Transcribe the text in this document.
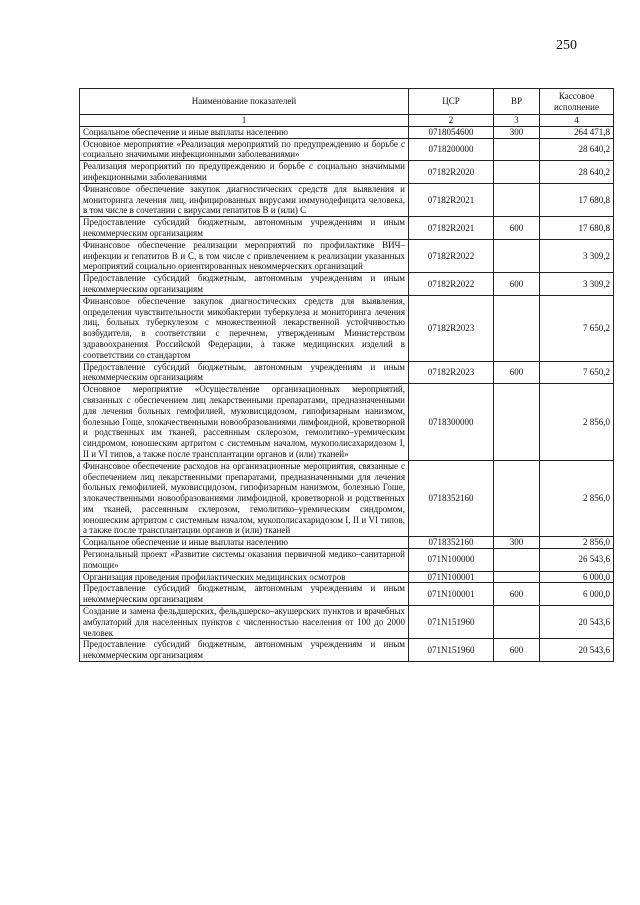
250
Наименование показателей	ЦСР	ВР	Кассовое исполнение
1	2	3	4
Социальное обеспечение и иные выплаты населению	0718054600	300	264 471,8
Основное мероприятие «Реализация мероприятий по предупреждению и борьбе с социально значимыми инфекционными заболеваниями»	0718200000		28 640,2
Реализация мероприятий по предупреждению и борьбе с социально значимыми инфекционными заболеваниями	07182R2020		28 640,2
Финансовое обеспечение закупок диагностических средств для выявления и мониторинга лечения лиц, инфицированных вирусами иммунодефицита человека, в том числе в сочетании с вирусами гепатитов В и (или) С	07182R2021		17 680,8
Предоставление субсидий бюджетным, автономным учреждениям и иным некоммерческим организациям	07182R2021	600	17 680,8
Финансовое обеспечение реализации мероприятий по профилактике ВИЧ–инфекции и гепатитов В и С, в том числе с привлечением к реализации указанных мероприятий социально ориентированных некоммерческих организаций	07182R2022		3 309,2
Предоставление субсидий бюджетным, автономным учреждениям и иным некоммерческим организациям	07182R2022	600	3 309,2
Финансовое обеспечение закупок диагностических средств для выявления, определения чувствительности микобактерии туберкулеза и мониторинга лечения лиц, больных туберкулезом с множественной лекарственной устойчивостью возбудителя, в соответствии с перечнем, утвержденным Министерством здравоохранения Российской Федерации, а также медицинских изделий в соответствии со стандартом	07182R2023		7 650,2
Предоставление субсидий бюджетным, автономным учреждениям и иным некоммерческим организациям	07182R2023	600	7 650,2
Основное мероприятие «Осуществление организационных мероприятий, связанных с обеспечением лиц лекарственными препаратами, предназначенными для лечения больных гемофилией, муковисцидозом, гипофизарным нанизмом, болезнью Гоше, злокачественными новообразованиями лимфоидной, кроветворной и родственных им тканей, рассеянным склерозом, гемолитико–уремическим синдромом, юношеским артритом с системным началом, мукополисахаридозом I, II и VI типов, а также после трансплантации органов и (или) тканей»	0718300000		2 856,0
Финансовое обеспечение расходов на организационные мероприятия, связанные с обеспечением лиц лекарственными препаратами, предназначенными для лечения больных гемофилией, муковисцидозом, гипофизарным нанизмом, болезнью Гоше, злокачественными новообразованиями лимфоидной, кроветворной и родственных им тканей, рассеянным склерозом, гемолитико–уремическим синдромом, юношеским артритом с системным началом, мукополисахаридозом I, II и VI типов, а также после трансплантации органов и (или) тканей	0718352160		2 856,0
Социальное обеспечение и иные выплаты населению	0718352160	300	2 856,0
Региональный проект «Развитие системы оказания первичной медико–санитарной помощи»	071N100000		26 543,6
Организация проведения профилактических медицинских осмотров	071N100001		6 000,0
Предоставление субсидий бюджетным, автономным учреждениям и иным некоммерческим организациям	071N100001	600	6 000,0
Создание и замена фельдшерских, фельдшерско–акушерских пунктов и врачебных амбулаторий для населенных пунктов с численностью населения от 100 до 2000 человек	071N151960		20 543,6
Предоставление субсидий бюджетным, автономным учреждениям и иным некоммерческим организациям	071N151960	600	20 543,6
